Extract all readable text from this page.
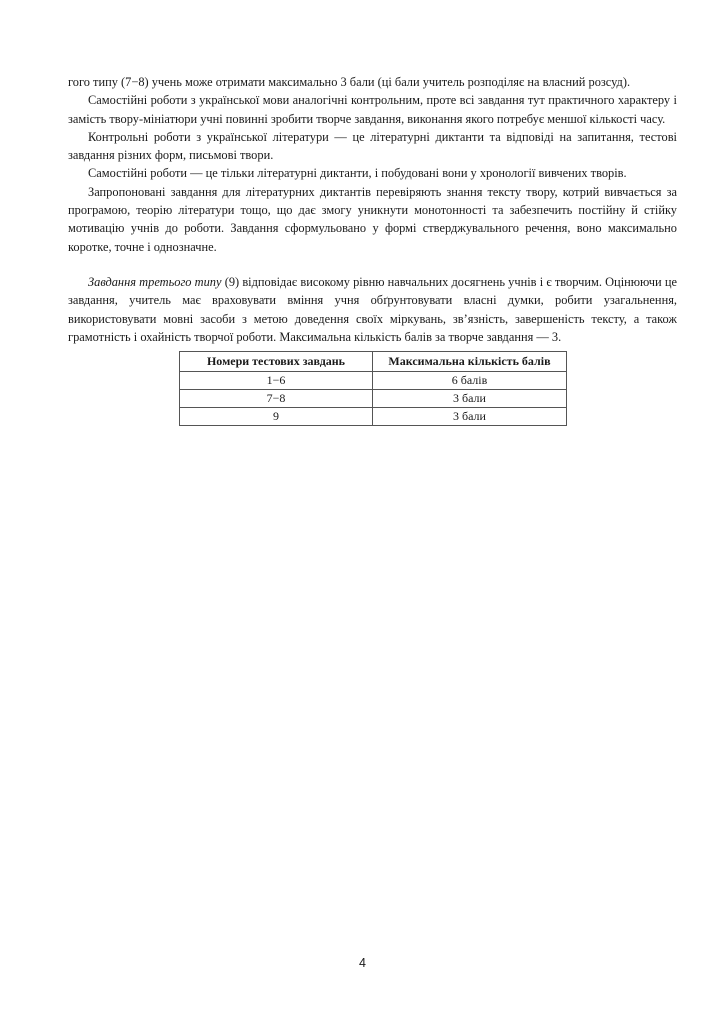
гого типу (7−8) учень може отримати максимально 3 бали (ці бали учитель розподіляє на власний розсуд).

Самостійні роботи з української мови аналогічні контрольним, проте всі завдання тут практичного характеру і замість твору-мініатюри учні повинні зробити творче завдання, виконання якого потребує меншої кількості часу.

Контрольні роботи з української літератури — це літературні диктанти та відповіді на запитання, тестові завдання різних форм, письмові твори.

Самостійні роботи — це тільки літературні диктанти, і побудовані вони у хронології вивчених творів.

Запропоновані завдання для літературних диктантів перевіряють знання тексту твору, котрий вивчається за програмою, теорію літератури тощо, що дає змогу уникнути монотонності та забезпечить постійну й стійку мотивацію учнів до роботи. Завдання сформульовано у формі стверджувального речення, воно максимально коротке, точне і однозначне.

Завдання третього типу (9) відповідає високому рівню навчальних досягнень учнів і є творчим. Оцінюючи це завдання, учитель має враховувати вміння учня обґрунтовувати власні думки, робити узагальнення, використовувати мовні засоби з метою доведення своїх міркувань, зв’язність, завершеність тексту, а також грамотність і охайність творчої роботи. Максимальна кількість балів за творче завдання — 3.

Номери тестових завдань	Максимальна кількість балів
1−6	6 балів
7−8	3 бали
9	3 бали
4
